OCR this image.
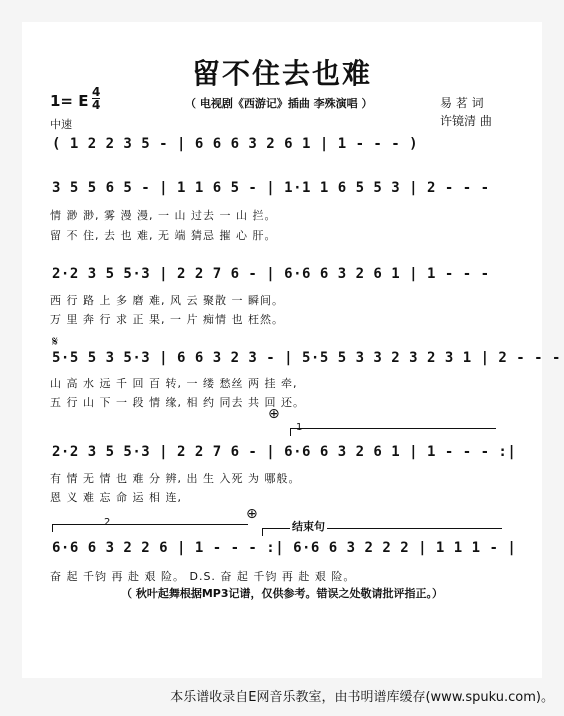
留不住去也难
1= E 4
4
中速
（ 电视剧《西游记》插曲 李殊演唱 ）	易 茗 词
许镜清 曲
( 1 2 2 3 5 - | 6 6 6 3 2 6 1 | 1 - - - )
3 5 5 6 5 - | 1 1 6 5 - | 1·1 1 6 5 5 3 | 2 - - -
情 渺 渺, 雾 漫 漫, 一 山 过去 一 山 拦。
留 不 住, 去 也 难, 无 端 猜忌 摧 心 肝。
2·2 3 5 5·3 | 2 2 7 6 - | 6·6 6 3 2 6 1 | 1 - - -
西 行 路 上 多 磨 难, 风 云 聚散 一 瞬间。
万 里 奔 行 求 正 果, 一 片 痴情 也 枉然。
𝄋
5·5 5 3 5·3 | 6 6 3 2 3 - | 5·5 5 3 3 2 3 2 3 1 | 2 - - -
山 高 水 远 千 回 百 转, 一 缕 愁丝 两 挂 牵,
五 行 山 下 一 段 情 缘, 相 约 同去 共 回 还。
⊕
1
2·2 3 5 5·3 | 2 2 7 6 - | 6·6 6 3 2 6 1 | 1 - - - :|
有 情 无 情 也 难 分 辨, 出 生 入死 为 哪般。
恩 义 难 忘 命 运 相 连,
⊕
2	结束句
6·6 6 3 2 2 6 | 1 - - - :| 6·6 6 3 2 2 2 | 1 1 1 - |
奋 起 千钧 再 赴 艰 险。 D.S. 奋 起 千钧 再 赴 艰 险。
（ 秋叶起舞根据MP3记谱，仅供参考。错误之处敬请批评指正。）
本乐谱收录自E网音乐教室，由书明谱库缓存(www.spuku.com)。
